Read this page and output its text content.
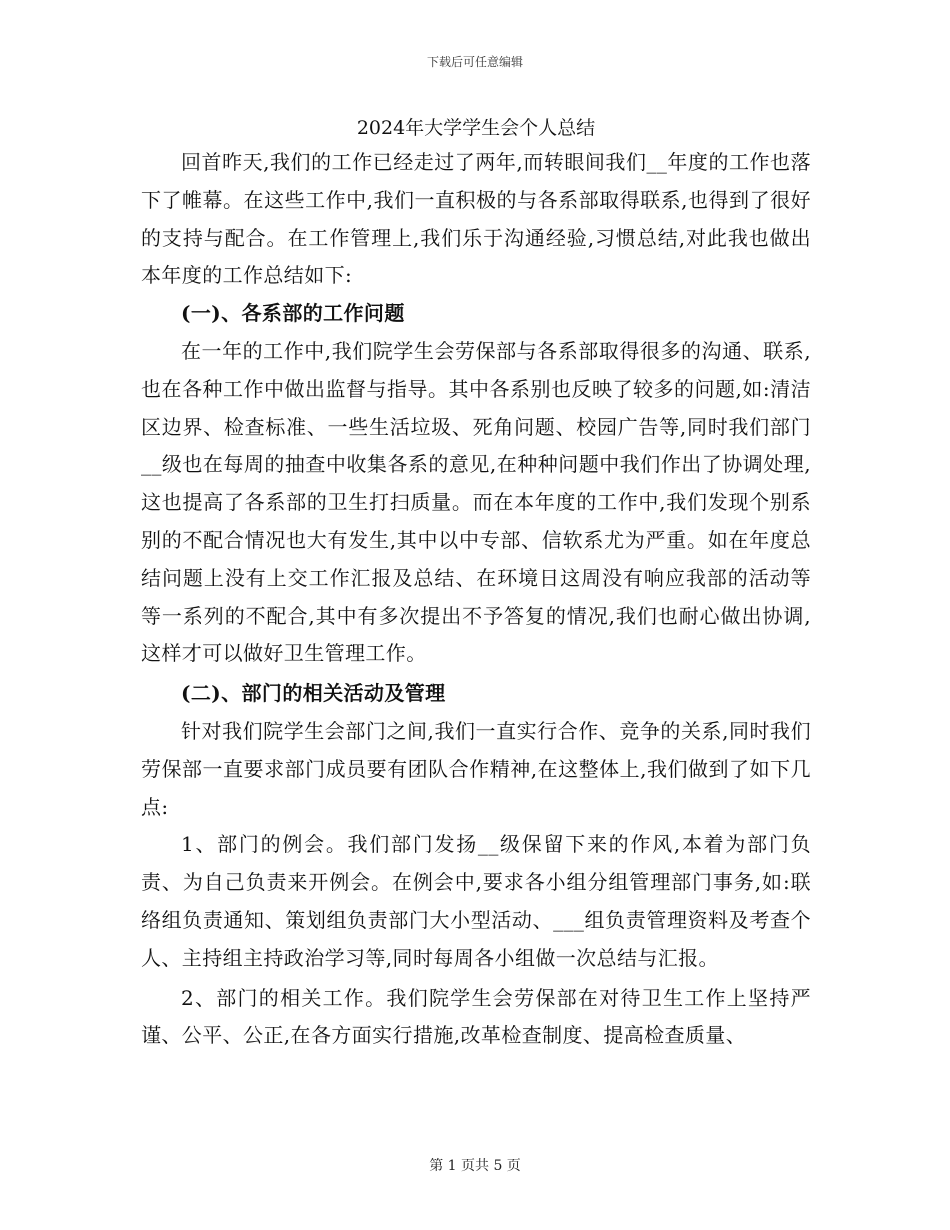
下载后可任意编辑
2024年大学学生会个人总结

回首昨天,我们的工作已经走过了两年,而转眼间我们__年度的工作也落下了帷幕。在这些工作中,我们一直积极的与各系部取得联系,也得到了很好的支持与配合。在工作管理上,我们乐于沟通经验,习惯总结,对此我也做出本年度的工作总结如下:

(一)、各系部的工作问题

在一年的工作中,我们院学生会劳保部与各系部取得很多的沟通、联系,也在各种工作中做出监督与指导。其中各系别也反映了较多的问题,如:清洁区边界、检查标准、一些生活垃圾、死角问题、校园广告等,同时我们部门__级也在每周的抽查中收集各系的意见,在种种问题中我们作出了协调处理,这也提高了各系部的卫生打扫质量。而在本年度的工作中,我们发现个别系别的不配合情况也大有发生,其中以中专部、信软系尤为严重。如在年度总结问题上没有上交工作汇报及总结、在环境日这周没有响应我部的活动等等一系列的不配合,其中有多次提出不予答复的情况,我们也耐心做出协调,这样才可以做好卫生管理工作。

(二)、部门的相关活动及管理

针对我们院学生会部门之间,我们一直实行合作、竞争的关系,同时我们劳保部一直要求部门成员要有团队合作精神,在这整体上,我们做到了如下几点:

1、部门的例会。我们部门发扬__级保留下来的作风,本着为部门负责、为自己负责来开例会。在例会中,要求各小组分组管理部门事务,如:联络组负责通知、策划组负责部门大小型活动、___组负责管理资料及考查个人、主持组主持政治学习等,同时每周各小组做一次总结与汇报。

2、部门的相关工作。我们院学生会劳保部在对待卫生工作上坚持严谨、公平、公正,在各方面实行措施,改革检查制度、提高检查质量、

第 1 页共 5 页
